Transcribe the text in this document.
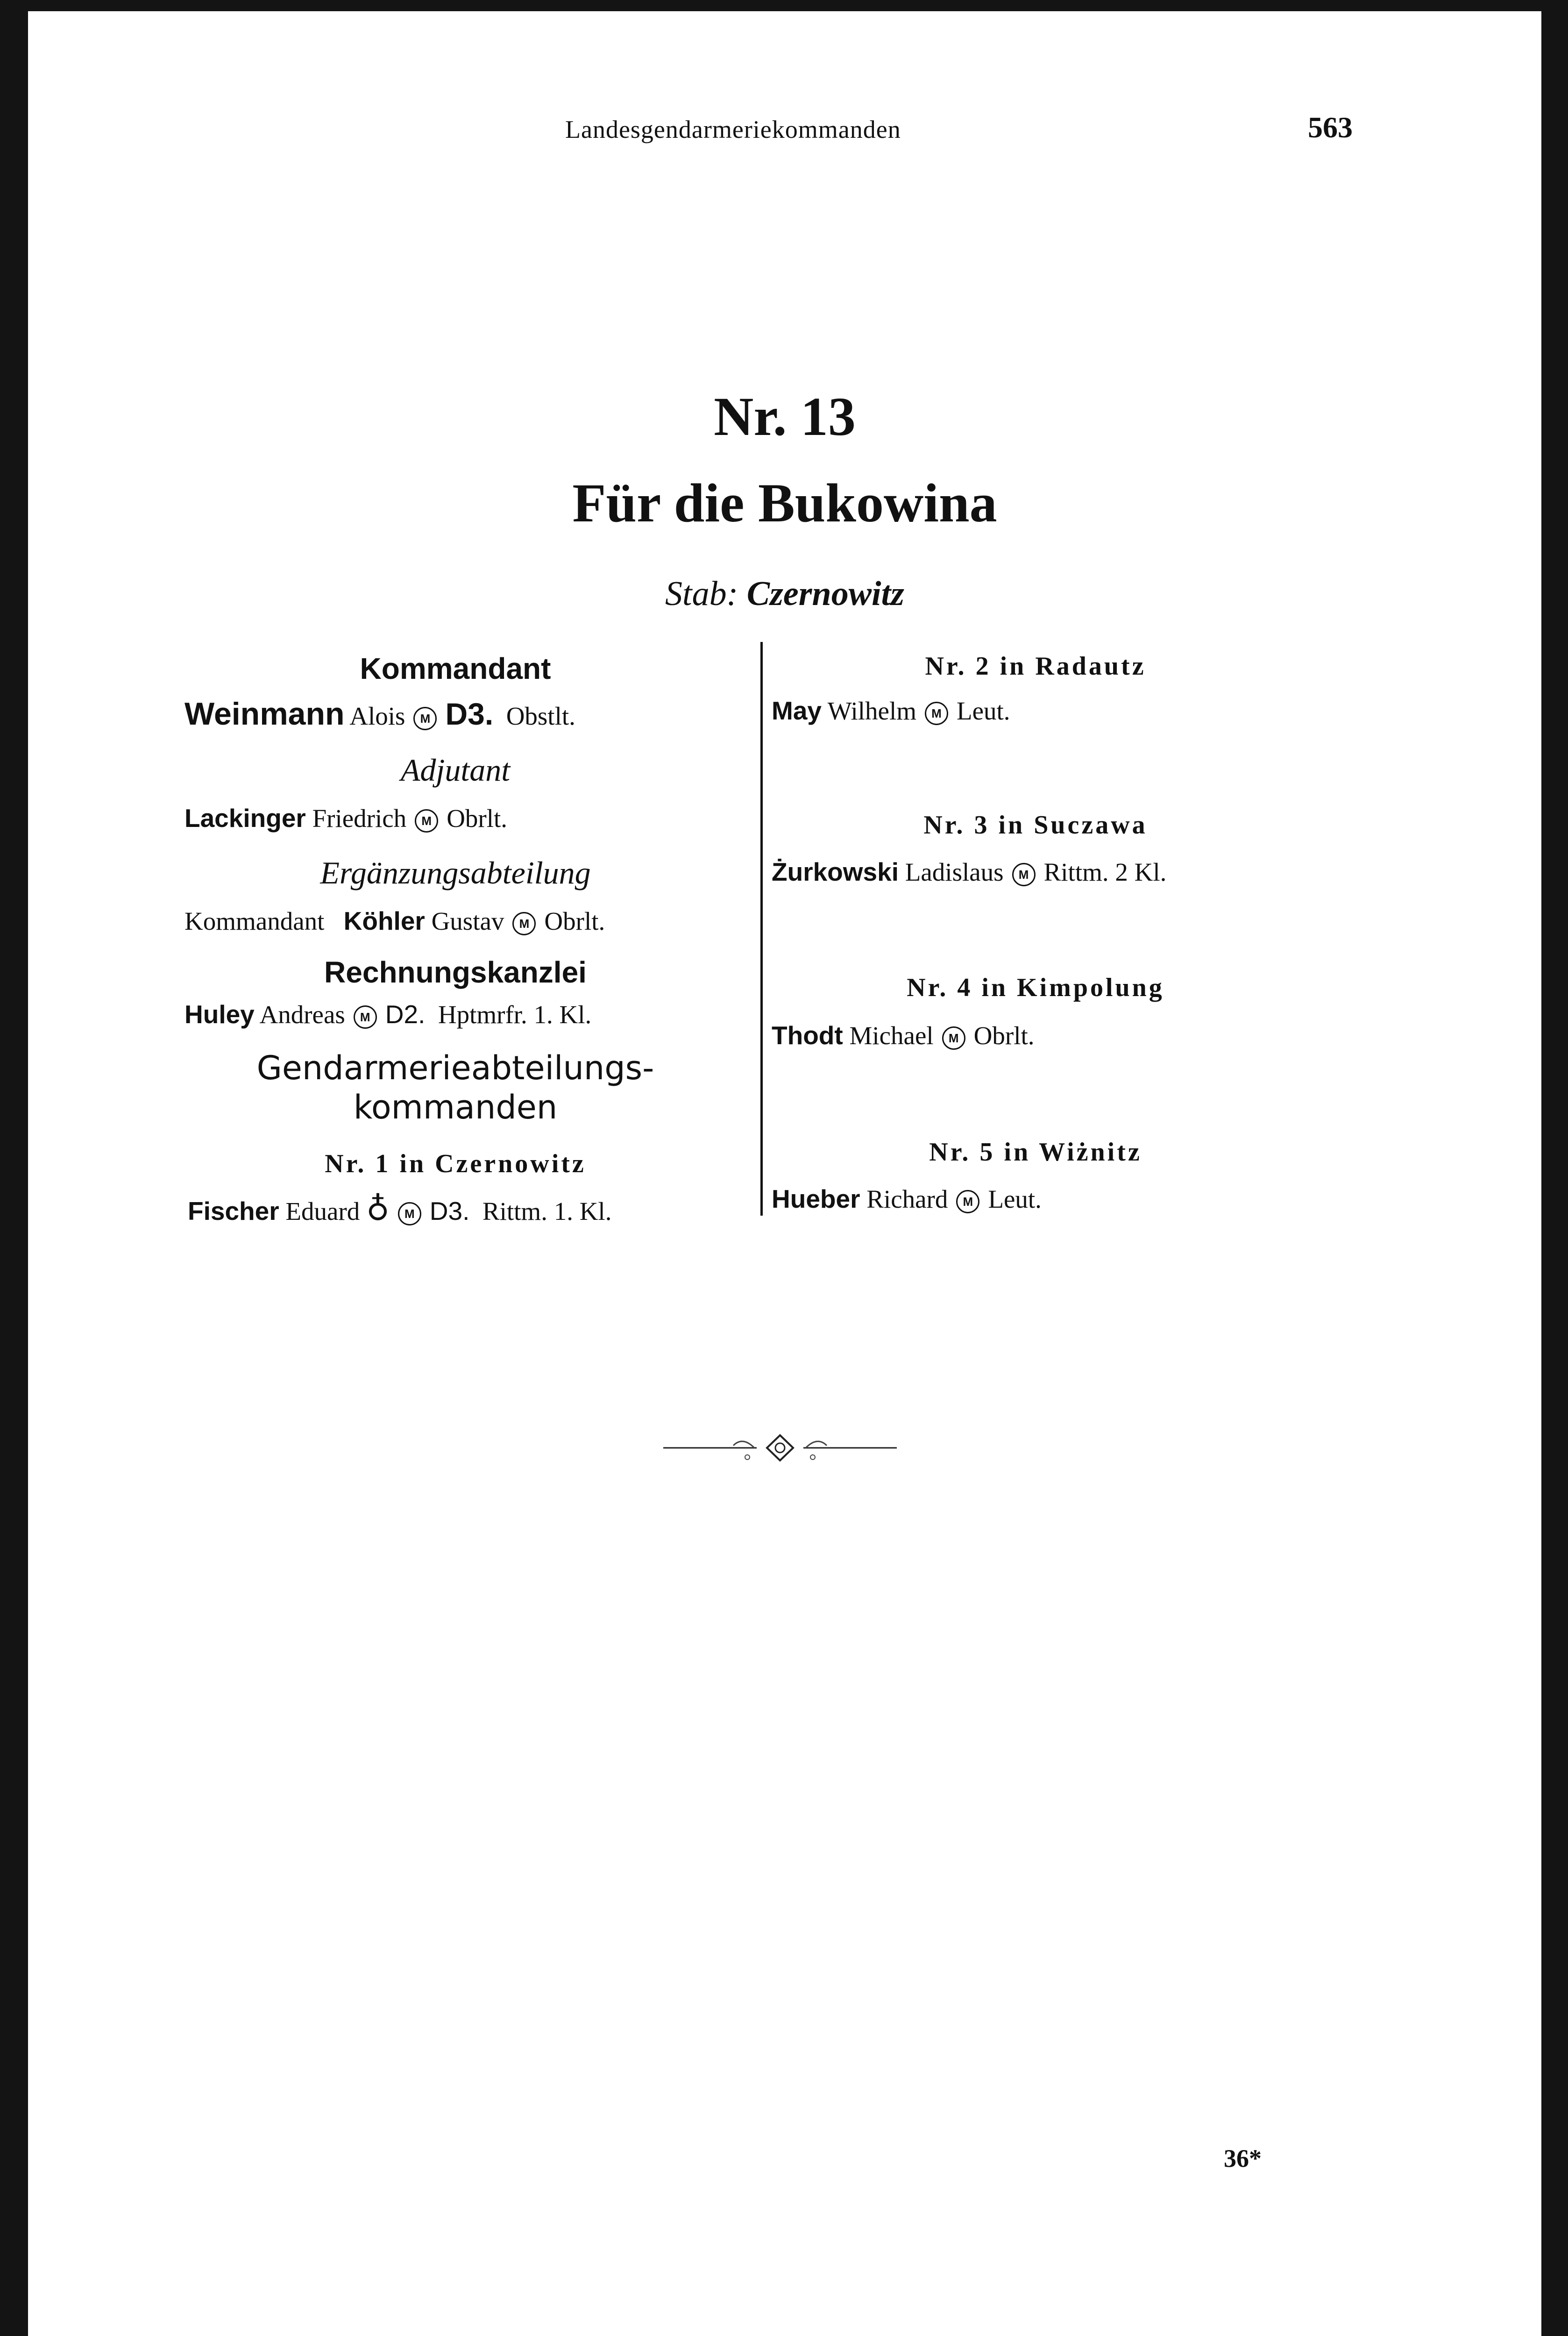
Landesgendarmeriekommanden	563
Nr. 13
Für die Bukowina
Stab: Czernowitz
Kommandant
Weinmann Alois M D3. Obstlt.
Adjutant
Lackinger Friedrich M Obrlt.
Ergänzungsabteilung
Kommandant Köhler Gustav M Obrlt.
Rechnungskanzlei
Huley Andreas M D2. Hptmrfr. 1. Kl.
Gendarmerieabteilungs-
kommanden
Nr. 1 in Czernowitz
Fischer Eduard ♁ M D3. Rittm. 1. Kl.
Nr. 2 in Radautz
May Wilhelm M Leut.
Nr. 3 in Suczawa
Żurkowski Ladislaus M Rittm. 2 Kl.
Nr. 4 in Kimpolung
Thodt Michael M Obrlt.
Nr. 5 in Wiżnitz
Hueber Richard M Leut.
36*
